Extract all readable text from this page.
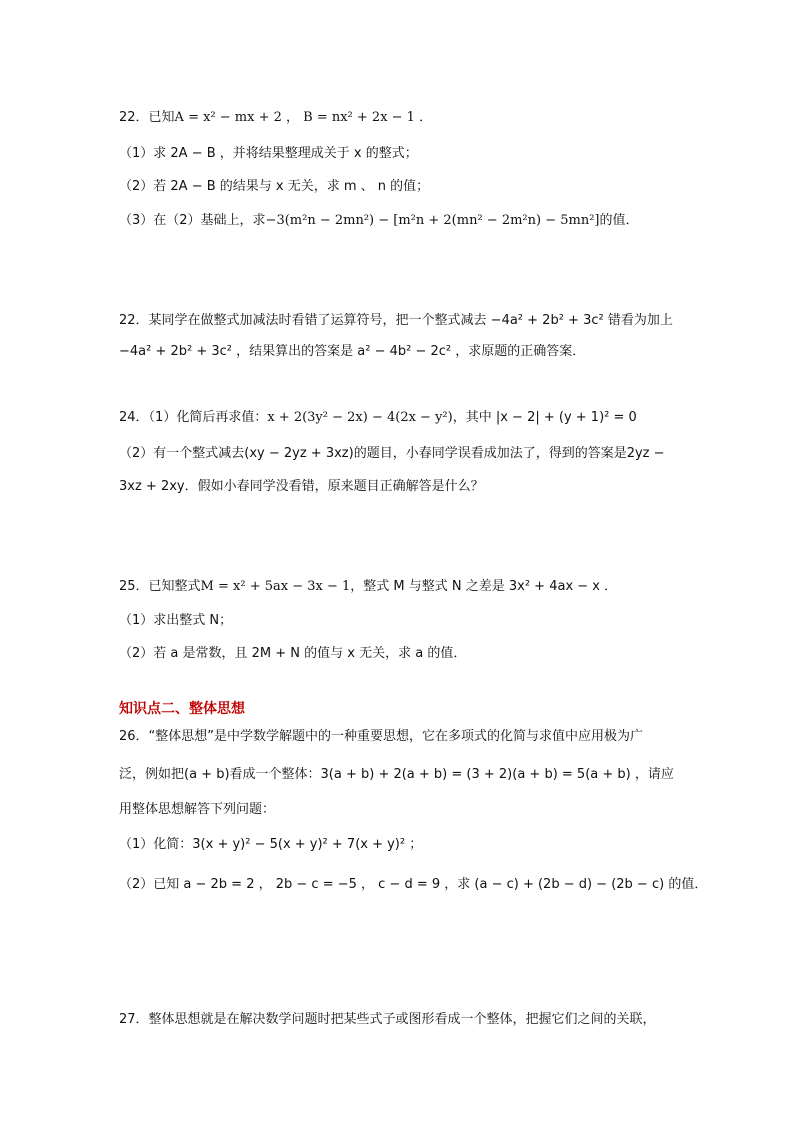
22．已知A = x² − mx + 2 ， B = nx² + 2x − 1 ．
（1）求 2A − B ，并将结果整理成关于 x 的整式；
（2）若 2A − B 的结果与 x 无关，求 m 、 n 的值；
（3）在（2）基础上，求−3(m²n − 2mn²) − [m²n + 2(mn² − 2m²n) − 5mn²]的值．
22．某同学在做整式加减法时看错了运算符号，把一个整式减去 −4a² + 2b² + 3c² 错看为加上
−4a² + 2b² + 3c² ，结果算出的答案是 a² − 4b² − 2c² ，求原题的正确答案．
24．（1）化简后再求值：x + 2(3y² − 2x) − 4(2x − y²)，其中 |x − 2| + (y + 1)² = 0
（2）有一个整式减去(xy − 2yz + 3xz)的题目，小春同学误看成加法了，得到的答案是2yz −
3xz + 2xy．假如小春同学没看错，原来题目正确解答是什么？
25．已知整式M = x² + 5ax − 3x − 1，整式 M 与整式 N 之差是 3x² + 4ax − x ．
（1）求出整式 N；
（2）若 a 是常数，且 2M + N 的值与 x 无关，求 a 的值．
知识点二、整体思想
26．“整体思想”是中学数学解题中的一种重要思想，它在多项式的化简与求值中应用极为广
泛，例如把(a + b)看成一个整体：3(a + b) + 2(a + b) = (3 + 2)(a + b) = 5(a + b) ，请应
用整体思想解答下列问题：
（1）化简：3(x + y)² − 5(x + y)² + 7(x + y)² ；
（2）已知 a − 2b = 2 ， 2b − c = −5 ， c − d = 9 ，求 (a − c) + (2b − d) − (2b − c) 的值．
27．整体思想就是在解决数学问题时把某些式子或图形看成一个整体，把握它们之间的关联，
